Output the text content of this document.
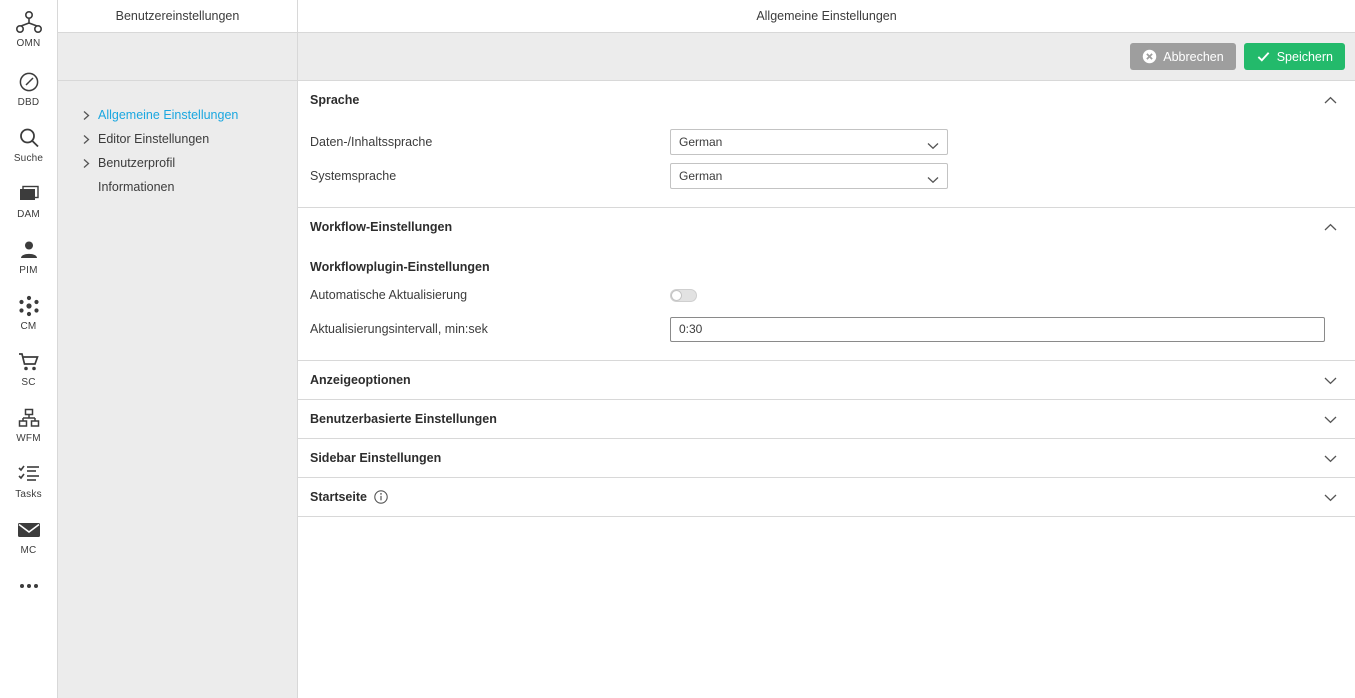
OMN
DBD
Suche
DAM
PIM
CM
SC
WFM
Tasks
MC
Benutzereinstellungen	Allgemeine Einstellungen
Abbrechen	Speichern
Allgemeine Einstellungen
Editor Einstellungen
Benutzerprofil
Informationen
Sprache
Daten-/Inhaltssprache
German
Systemsprache
German
Workflow-Einstellungen
Workflowplugin-Einstellungen
Automatische Aktualisierung
Aktualisierungsintervall, min:sek
0:30
Anzeigeoptionen
Benutzerbasierte Einstellungen
Sidebar Einstellungen
Startseite
